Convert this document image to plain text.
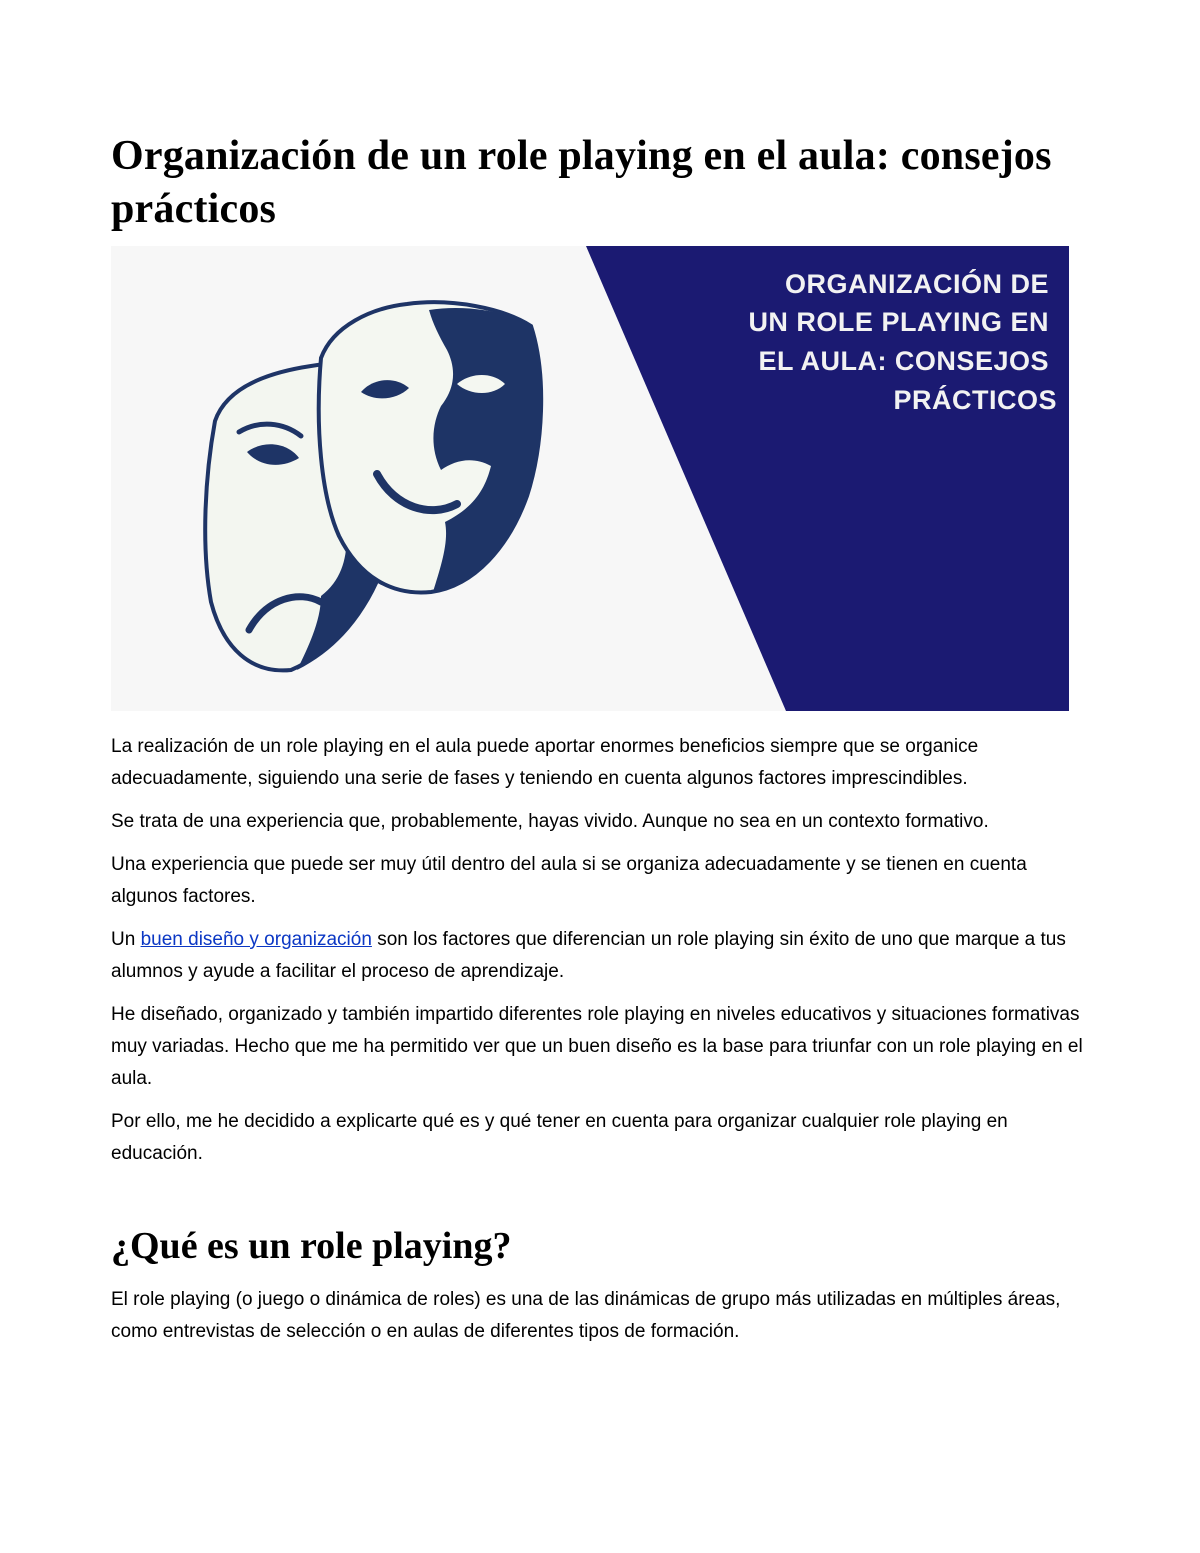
Organización de un role playing en el aula: consejos prácticos
ORGANIZACIÓN DE UN ROLE PLAYING EN EL AULA: CONSEJOS PRÁCTICOS

La realización de un role playing en el aula puede aportar enormes beneficios siempre que se organice adecuadamente, siguiendo una serie de fases y teniendo en cuenta algunos factores imprescindibles.

Se trata de una experiencia que, probablemente, hayas vivido. Aunque no sea en un contexto formativo.

Una experiencia que puede ser muy útil dentro del aula si se organiza adecuadamente y se tienen en cuenta algunos factores.

Un buen diseño y organización son los factores que diferencian un role playing sin éxito de uno que marque a tus alumnos y ayude a facilitar el proceso de aprendizaje.

He diseñado, organizado y también impartido diferentes role playing en niveles educativos y situaciones formativas muy variadas. Hecho que me ha permitido ver que un buen diseño es la base para triunfar con un role playing en el aula.

Por ello, me he decidido a explicarte qué es y qué tener en cuenta para organizar cualquier role playing en educación.

¿Qué es un role playing?

El role playing (o juego o dinámica de roles) es una de las dinámicas de grupo más utilizadas en múltiples áreas, como entrevistas de selección o en aulas de diferentes tipos de formación.
